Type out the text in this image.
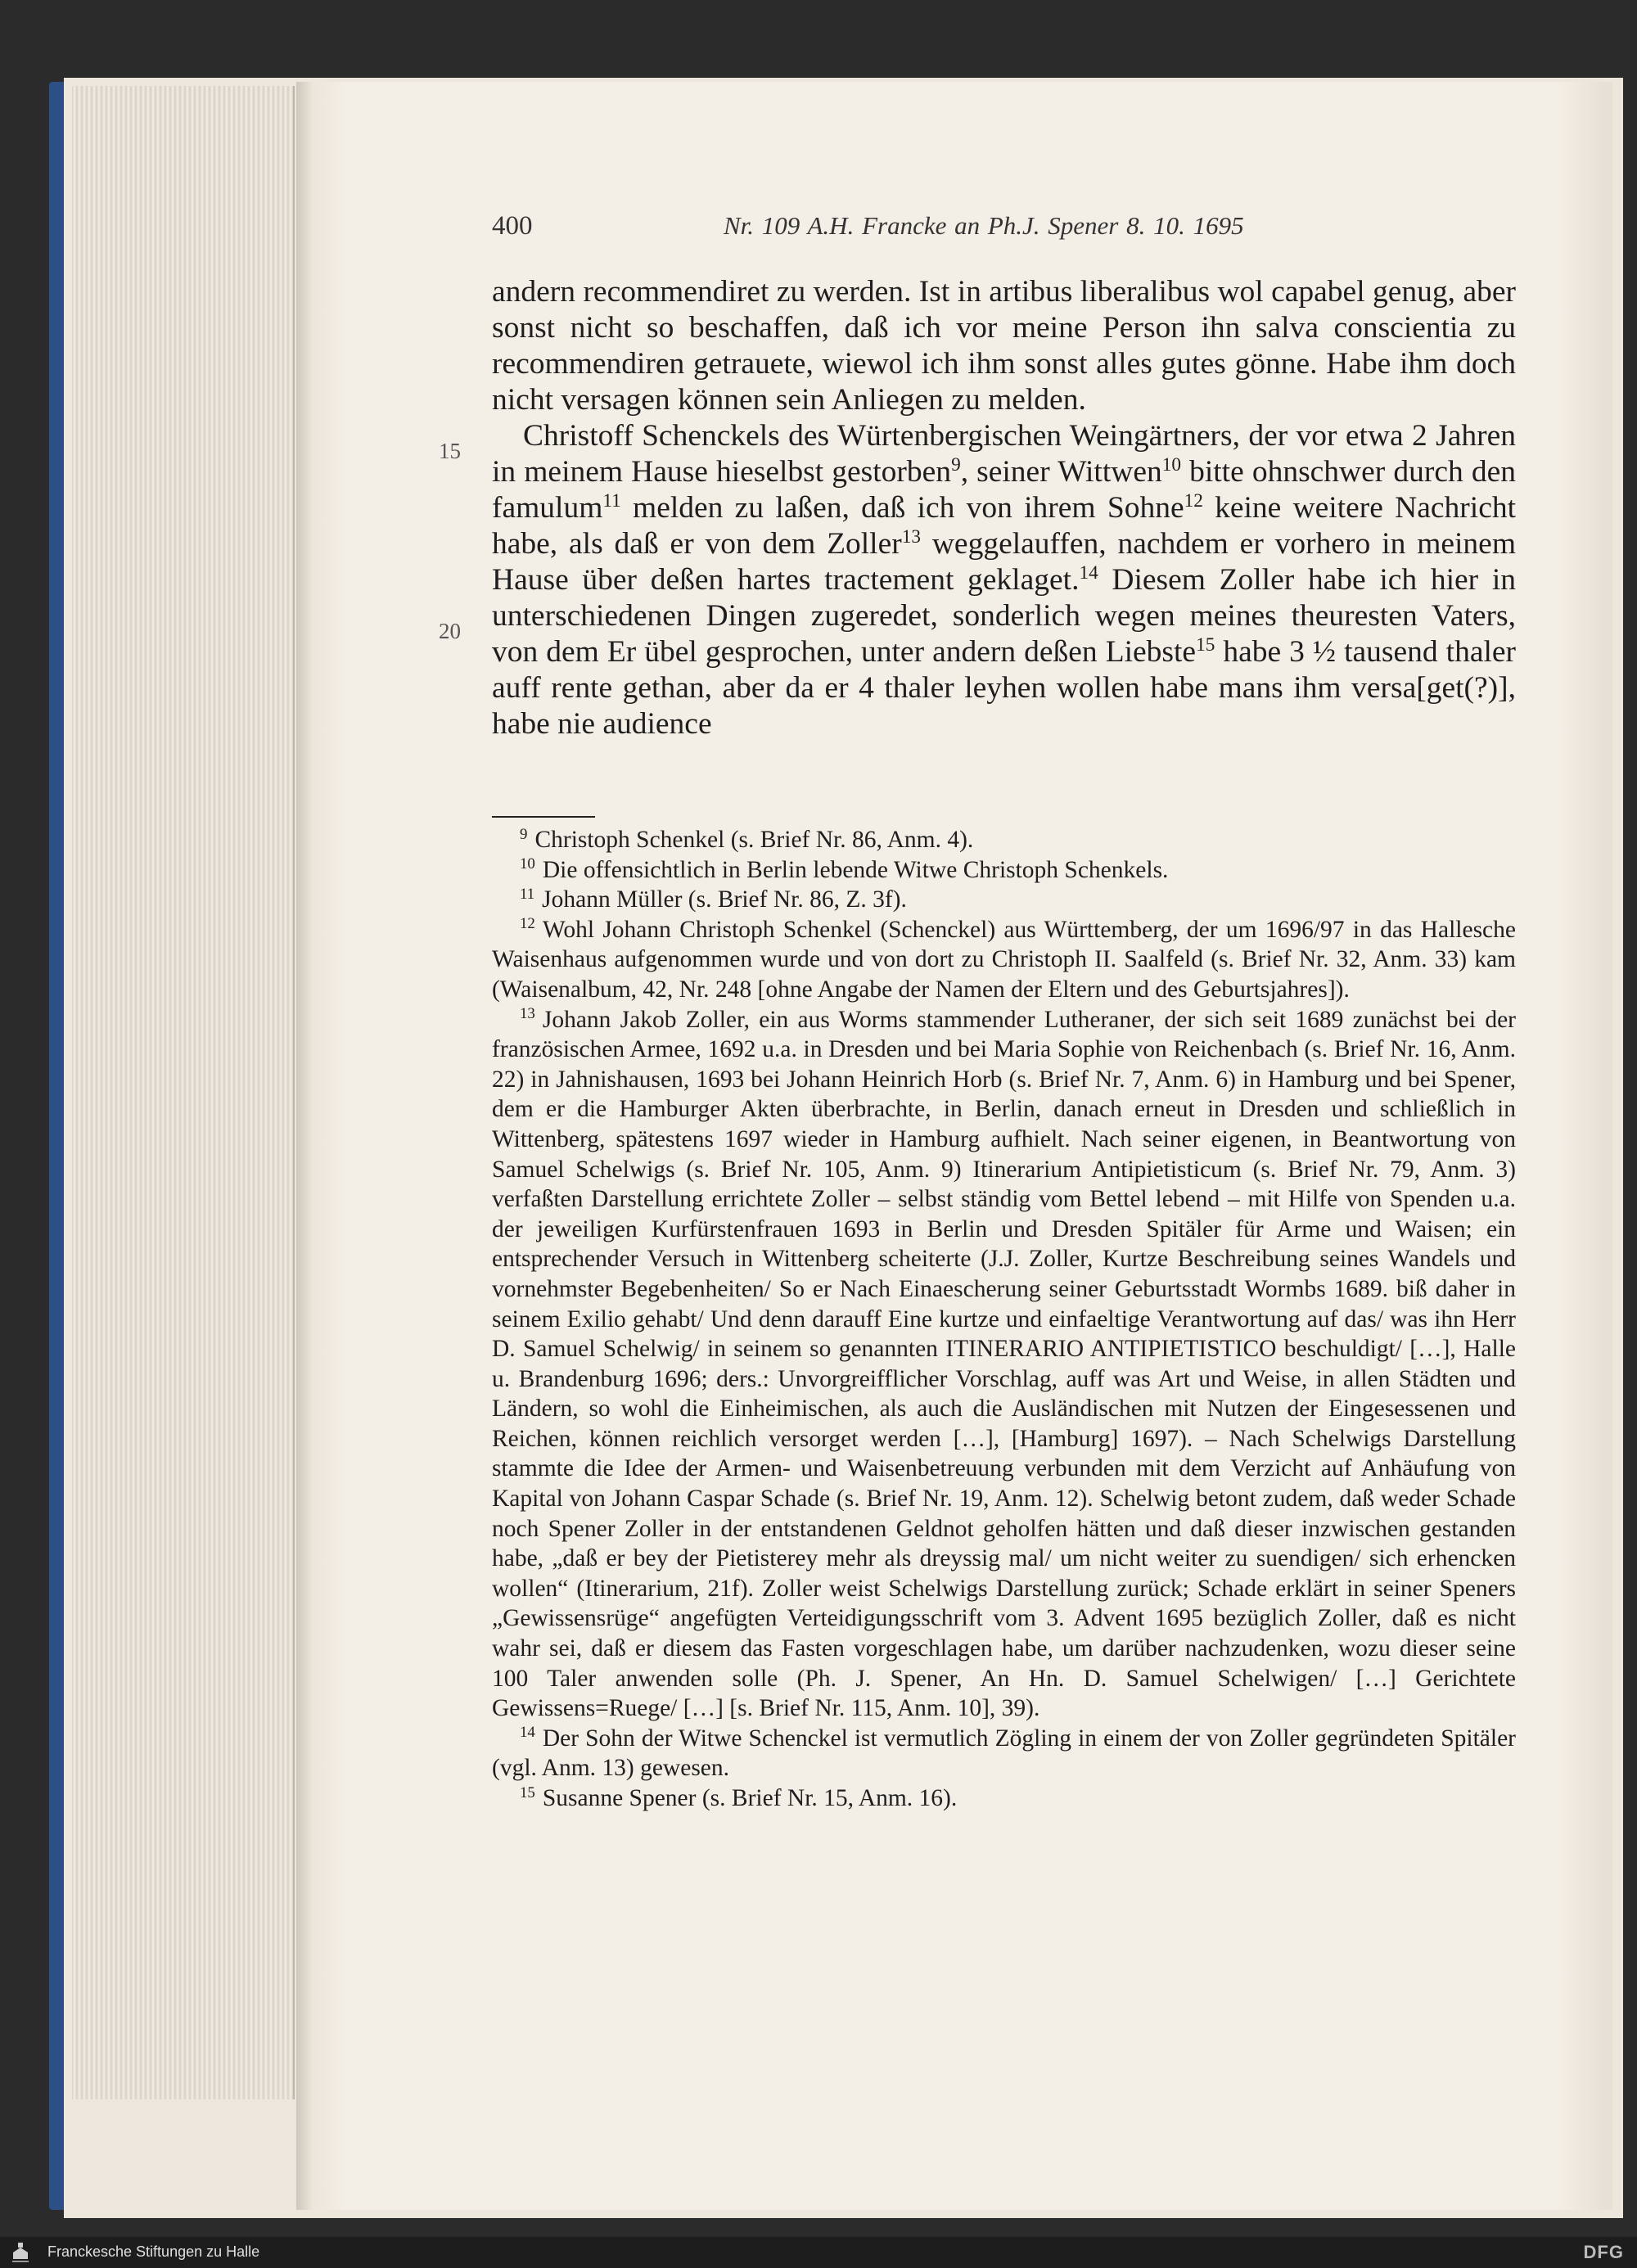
400	Nr. 109 A.H. Francke an Ph.J. Spener 8. 10. 1695
15
20

andern recommendiret zu werden. Ist in artibus liberalibus wol capabel genug, aber sonst nicht so beschaffen, daß ich vor meine Person ihn salva conscientia zu recommendiren getrauete, wiewol ich ihm sonst alles gutes gönne. Habe ihm doch nicht versagen können sein Anliegen zu melden.

Christoff Schenckels des Würtenbergischen Weingärtners, der vor etwa 2 Jahren in meinem Hause hieselbst gestorben$^9$, seiner Wittwen$^{10}$ bitte ohnschwer durch den famulum$^{11}$ melden zu laßen, daß ich von ihrem Sohne$^{12}$ keine weitere Nachricht habe, als daß er von dem Zoller$^{13}$ weggelauffen, nachdem er vorhero in meinem Hause über deßen hartes tractement geklaget.$^{14}$ Diesem Zoller habe ich hier in unterschiedenen Dingen zugeredet, sonderlich wegen meines theuresten Vaters, von dem Er übel gesprochen, unter andern deßen Liebste$^{15}$ habe 3 ½ tausend thaler auff rente gethan, aber da er 4 thaler leyhen wollen habe mans ihm versa[get(?)], habe nie audience

$^9$ Christoph Schenkel (s. Brief Nr. 86, Anm. 4).

$^{10}$ Die offensichtlich in Berlin lebende Witwe Christoph Schenkels.

$^{11}$ Johann Müller (s. Brief Nr. 86, Z. 3f).

$^{12}$ Wohl Johann Christoph Schenkel (Schenckel) aus Württemberg, der um 1696/97 in das Hallesche Waisenhaus aufgenommen wurde und von dort zu Christoph II. Saalfeld (s. Brief Nr. 32, Anm. 33) kam (Waisenalbum, 42, Nr. 248 [ohne Angabe der Namen der Eltern und des Geburtsjahres]).

$^{13}$ Johann Jakob Zoller, ein aus Worms stammender Lutheraner, der sich seit 1689 zunächst bei der französischen Armee, 1692 u.a. in Dresden und bei Maria Sophie von Reichenbach (s. Brief Nr. 16, Anm. 22) in Jahnishausen, 1693 bei Johann Heinrich Horb (s. Brief Nr. 7, Anm. 6) in Hamburg und bei Spener, dem er die Hamburger Akten überbrachte, in Berlin, danach erneut in Dresden und schließlich in Wittenberg, spätestens 1697 wieder in Hamburg aufhielt. Nach seiner eigenen, in Beantwortung von Samuel Schelwigs (s. Brief Nr. 105, Anm. 9) Itinerarium Antipietisticum (s. Brief Nr. 79, Anm. 3) verfaßten Darstellung errichtete Zoller – selbst ständig vom Bettel lebend – mit Hilfe von Spenden u.a. der jeweiligen Kurfürstenfrauen 1693 in Berlin und Dresden Spitäler für Arme und Waisen; ein entsprechender Versuch in Wittenberg scheiterte (J.J. Zoller, Kurtze Beschreibung seines Wandels und vornehmster Begebenheiten/ So er Nach Einaescherung seiner Geburtsstadt Wormbs 1689. biß daher in seinem Exilio gehabt/ Und denn darauff Eine kurtze und einfaeltige Verantwortung auf das/ was ihn Herr D. Samuel Schelwig/ in seinem so genannten ITINERARIO ANTIPIETISTICO beschuldigt/ […], Halle u. Brandenburg 1696; ders.: Unvorgreifflicher Vorschlag, auff was Art und Weise, in allen Städten und Ländern, so wohl die Einheimischen, als auch die Ausländischen mit Nutzen der Eingesessenen und Reichen, können reichlich versorget werden […], [Hamburg] 1697). – Nach Schelwigs Darstellung stammte die Idee der Armen- und Waisenbetreuung verbunden mit dem Verzicht auf Anhäufung von Kapital von Johann Caspar Schade (s. Brief Nr. 19, Anm. 12). Schelwig betont zudem, daß weder Schade noch Spener Zoller in der entstandenen Geldnot geholfen hätten und daß dieser inzwischen gestanden habe, „daß er bey der Pietisterey mehr als dreyssig mal/ um nicht weiter zu suendigen/ sich erhencken wollen“ (Itinerarium, 21f). Zoller weist Schelwigs Darstellung zurück; Schade erklärt in seiner Speners „Gewissensrüge“ angefügten Verteidigungsschrift vom 3. Advent 1695 bezüglich Zoller, daß es nicht wahr sei, daß er diesem das Fasten vorgeschlagen habe, um darüber nachzudenken, wozu dieser seine 100 Taler anwenden solle (Ph. J. Spener, An Hn. D. Samuel Schelwigen/ […] Gerichtete Gewissens=Ruege/ […] [s. Brief Nr. 115, Anm. 10], 39).

$^{14}$ Der Sohn der Witwe Schenckel ist vermutlich Zögling in einem der von Zoller gegründeten Spitäler (vgl. Anm. 13) gewesen.

$^{15}$ Susanne Spener (s. Brief Nr. 15, Anm. 16).

Franckesche Stiftungen zu Halle	DFG
